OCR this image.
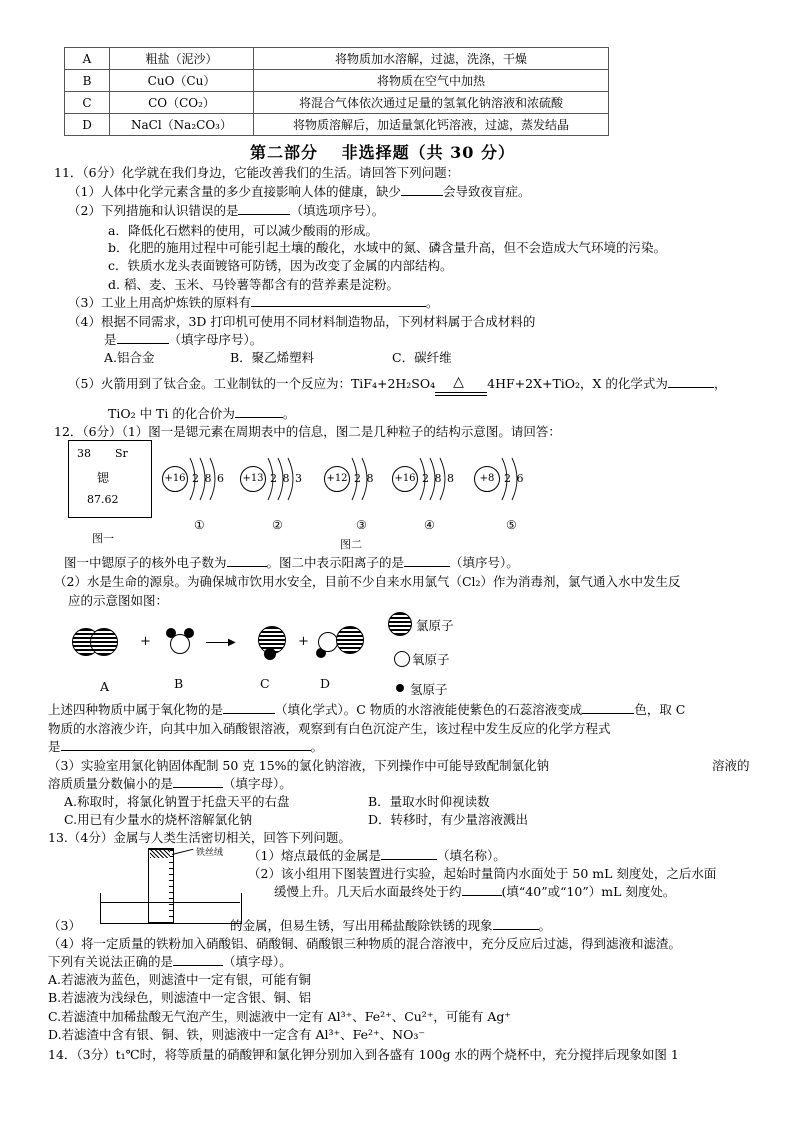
A	粗盐（泥沙）	将物质加水溶解，过滤，洗涤，干燥
B	CuO（Cu）	将物质在空气中加热
C	CO（CO₂）	将混合气体依次通过足量的氢氧化钠溶液和浓硫酸
D	NaCl（Na₂CO₃）	将物质溶解后，加适量氯化钙溶液，过滤，蒸发结晶
第二部分　 非选择题（共 30 分）
11．（6分）化学就在我们身边，它能改善我们的生活。请回答下列问题：
（1）人体中化学元素含量的多少直接影响人体的健康，缺少	会导致夜盲症。
（2）下列措施和认识错误的是	（填选项序号）。
a．降低化石燃料的使用，可以减少酸雨的形成。
b．化肥的施用过程中可能引起土壤的酸化，水域中的氮、磷含量升高，但不会造成大气环境的污染。
c．铁质水龙头表面镀铬可防锈，因为改变了金属的内部结构。
d. 稻、麦、玉米、马铃薯等都含有的营养素是淀粉。
（3）工业上用高炉炼铁的原料有	。
（4）根据不同需求，3D 打印机可使用不同材料制造物品，下列材料属于合成材料的
是	（填字母序号）。
A.铝合金	B．聚乙烯塑料	C．碳纤维
（5）火箭用到了钛合金。工业制钛的一个反应为：TiF₄+2H₂SO₄ △ 4HF+2X+TiO₂，X 的化学式为	，
TiO₂ 中 Ti 的化合价为	。
12．（6分）（1）图一是锶元素在周期表中的信息，图二是几种粒子的结构示意图。请回答：
38 Sr
锶
87.62
图一	图二
+16 2 8 6
①
+13 2 8 3
②
+12 2 8
③
+16 2 8 8
④
+8 2 6
⑤
图一中锶原子的核外电子数为	。图二中表示阳离子的是	（填序号）。
（2）水是生命的源泉。为确保城市饮用水安全，目前不少自来水用氯气（Cl₂）作为消毒剂，氯气通入水中发生反
应的示意图如图：
+	▶	+
A	B	C	D
氯原子
氧原子
氢原子
上述四种物质中属于氧化物的是	（填化学式）。C 物质的水溶液能使紫色的石蕊溶液变成	色，取 C
物质的水溶液少许，向其中加入硝酸银溶液，观察到有白色沉淀产生，该过程中发生反应的化学方程式
是	。
（3）实验室用氯化钠固体配制 50 克 15%的氯化钠溶液，下列操作中可能导致配制氯化钠	溶液的
溶质质量分数偏小的是	（填字母）。
A.称取时，将氯化钠置于托盘天平的右盘	B．量取水时仰视读数
C.用已有少量水的烧杯溶解氯化钠	D．转移时，有少量溶液溅出
13.（4分）金属与人类生活密切相关，回答下列问题。
铁丝绒 （1）熔点最低的金属是	（填名称）。
（2）该小组用下图装置进行实验，起始时量筒内水面处于 50 mL 刻度处，之后水面
缓慢上升。几天后水面最终处于约	(填“40”或“10”）mL 刻度处。
（3）	的金属，但易生锈，写出用稀盐酸除铁锈的现象	。
（4）将一定质量的铁粉加入硝酸铝、硝酸铜、硝酸银三种物质的混合溶液中，充分反应后过滤，得到滤液和滤渣。
下列有关说法正确的是	（填字母）。
A.若滤液为蓝色，则滤渣中一定有银，可能有铜
B.若滤液为浅绿色，则滤渣中一定含银、铜、铝
C.若滤渣中加稀盐酸无气泡产生，则滤液中一定有 Al³⁺、Fe²⁺、Cu²⁺，可能有 Ag⁺
D.若滤渣中含有银、铜、铁，则滤液中一定含有 Al³⁺、Fe²⁺、NO₃⁻
14．（3分）t₁℃时，将等质量的硝酸钾和氯化钾分别加入到各盛有 100g 水的两个烧杯中，充分搅拌后现象如图 1
